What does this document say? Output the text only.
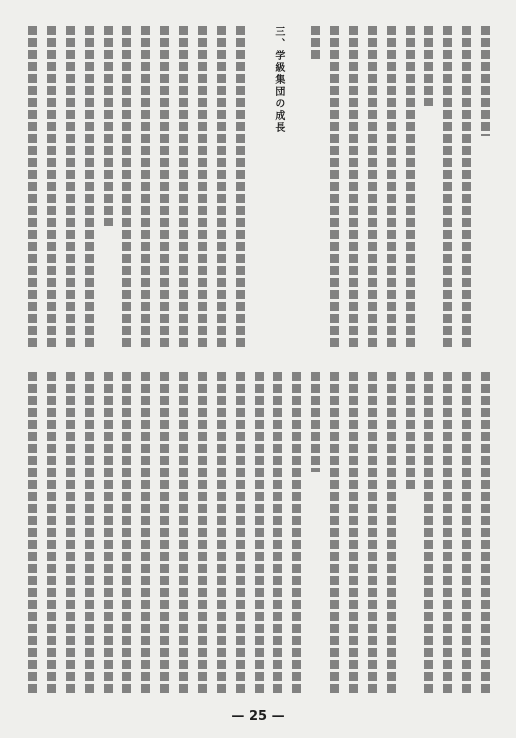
三、学級集団の成長
— 25 —
